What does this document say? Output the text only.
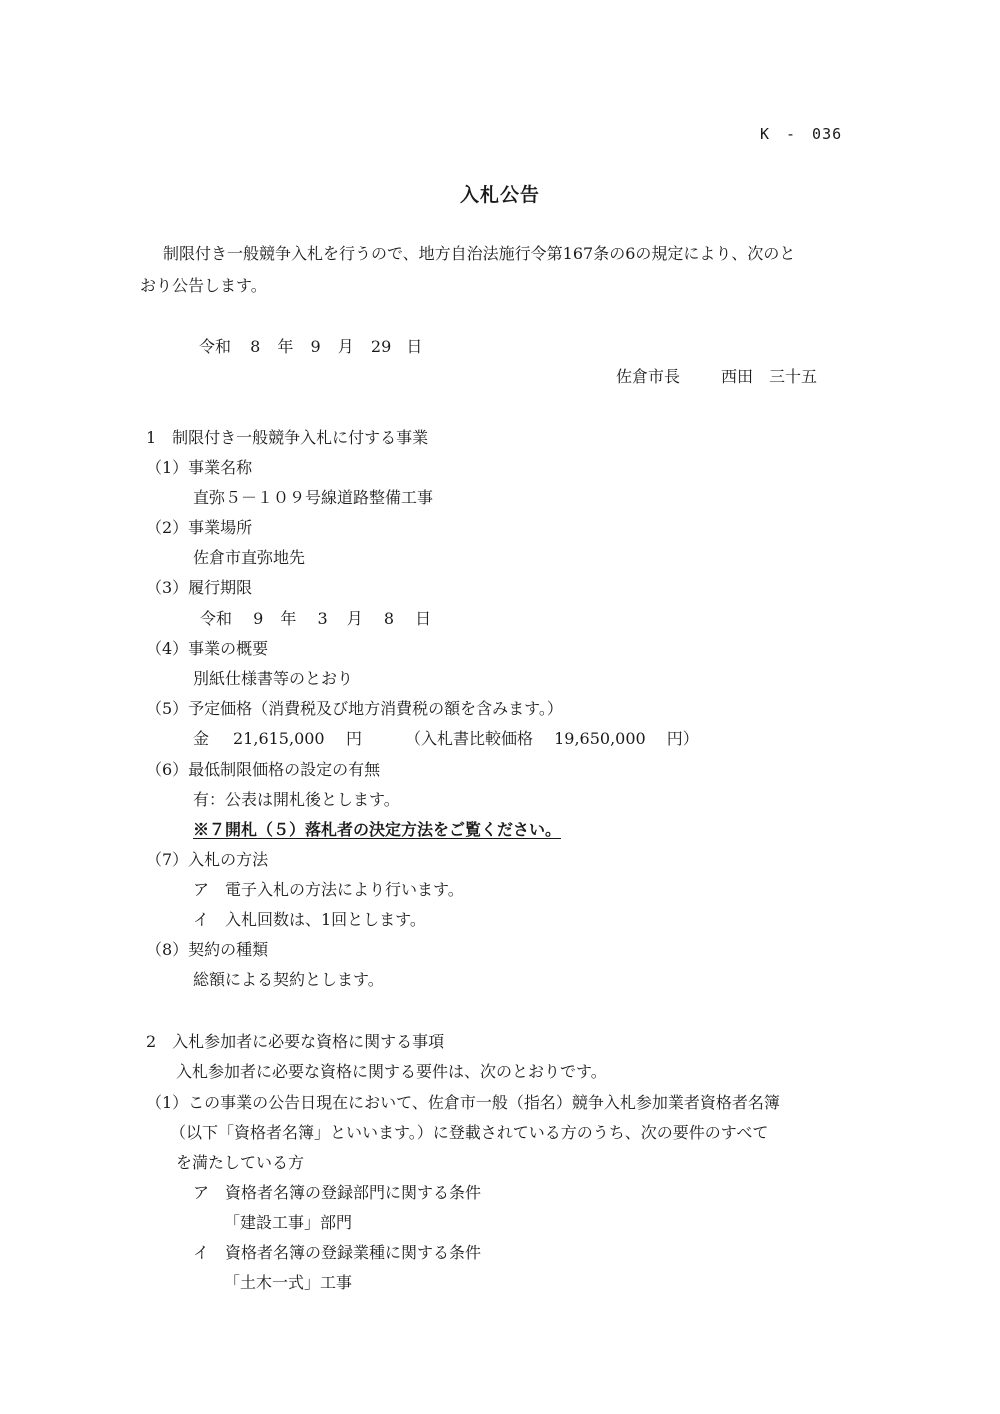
K　-　036
入札公告
制限付き一般競争入札を行うので、地方自治法施行令第167条の6の規定により、次のと
おり公告します。
令和 8 年 9 月 29 日
佐倉市長	西田　三十五
1　制限付き一般競争入札に付する事業
（1）事業名称
直弥５－１０９号線道路整備工事
（2）事業場所
佐倉市直弥地先
（3）履行期限
令和 9 年 3 月 8 日
（4）事業の概要
別紙仕様書等のとおり
（5）予定価格（消費税及び地方消費税の額を含みます。）
金 21,615,000 円	（入札書比較価格　 19,650,000　 円）
（6）最低制限価格の設定の有無
有：公表は開札後とします。
※７開札（５）落札者の決定方法をご覧ください。
（7）入札の方法
ア　電子入札の方法により行います。
イ　入札回数は、1回とします。
（8）契約の種類
総額による契約とします。
2　入札参加者に必要な資格に関する事項
入札参加者に必要な資格に関する要件は、次のとおりです。
（1）この事業の公告日現在において、佐倉市一般（指名）競争入札参加業者資格者名簿
（以下「資格者名簿」といいます。）に登載されている方のうち、次の要件のすべて
を満たしている方
ア　資格者名簿の登録部門に関する条件
「建設工事」部門
イ　資格者名簿の登録業種に関する条件
「土木一式」工事
